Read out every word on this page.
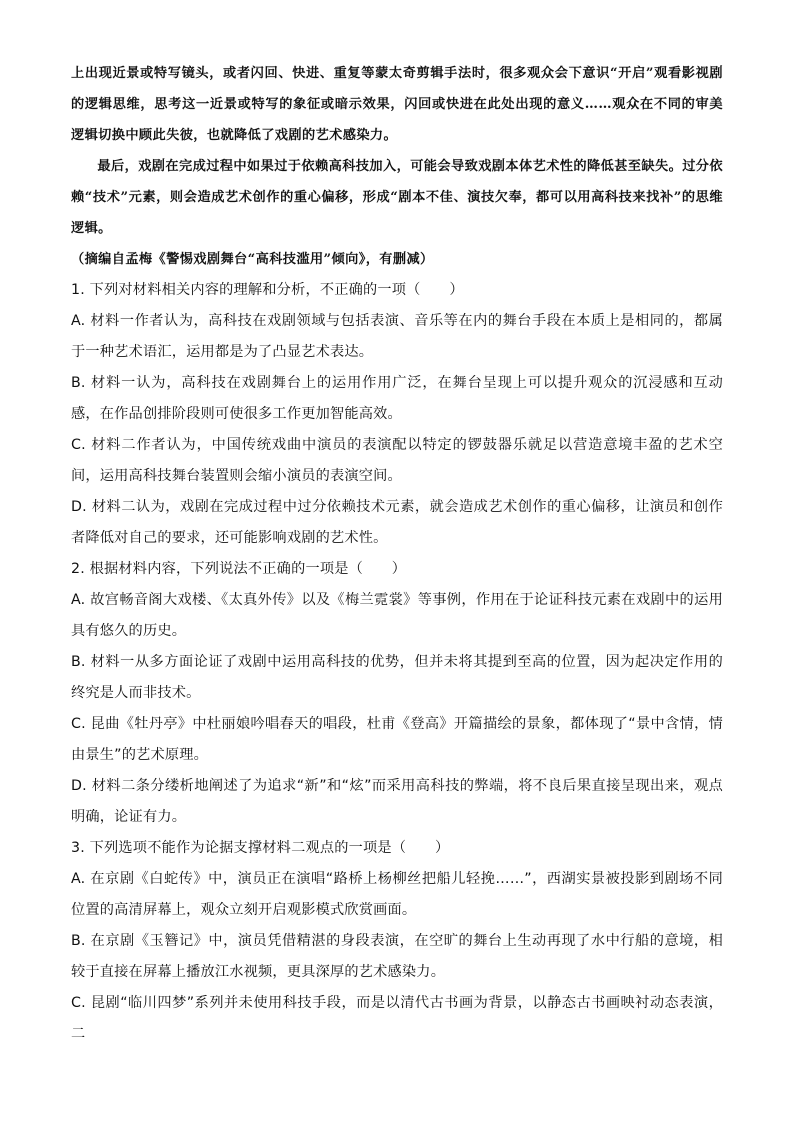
上出现近景或特写镜头，或者闪回、快进、重复等蒙太奇剪辑手法时，很多观众会下意识“开启”观看影视剧的逻辑思维，思考这一近景或特写的象征或暗示效果，闪回或快进在此处出现的意义……观众在不同的审美逻辑切换中顾此失彼，也就降低了戏剧的艺术感染力。

最后，戏剧在完成过程中如果过于依赖高科技加入，可能会导致戏剧本体艺术性的降低甚至缺失。过分依赖“技术”元素，则会造成艺术创作的重心偏移，形成“剧本不佳、演技欠奉，都可以用高科技来找补”的思维逻辑。

（摘编自孟梅《警惕戏剧舞台“高科技滥用”倾向》，有删减）

1. 下列对材料相关内容的理解和分析，不正确的一项（　　）

A. 材料一作者认为，高科技在戏剧领域与包括表演、音乐等在内的舞台手段在本质上是相同的，都属于一种艺术语汇，运用都是为了凸显艺术表达。

B. 材料一认为，高科技在戏剧舞台上的运用作用广泛，在舞台呈现上可以提升观众的沉浸感和互动感，在作品创排阶段则可使很多工作更加智能高效。

C. 材料二作者认为，中国传统戏曲中演员的表演配以特定的锣鼓器乐就足以营造意境丰盈的艺术空间，运用高科技舞台装置则会缩小演员的表演空间。

D. 材料二认为，戏剧在完成过程中过分依赖技术元素，就会造成艺术创作的重心偏移，让演员和创作者降低对自己的要求，还可能影响戏剧的艺术性。

2. 根据材料内容，下列说法不正确的一项是（　　）

A. 故宫畅音阁大戏楼、《太真外传》以及《梅兰霓裳》等事例，作用在于论证科技元素在戏剧中的运用具有悠久的历史。

B. 材料一从多方面论证了戏剧中运用高科技的优势，但并未将其提到至高的位置，因为起决定作用的终究是人而非技术。

C. 昆曲《牡丹亭》中杜丽娘吟唱春天的唱段，杜甫《登高》开篇描绘的景象，都体现了“景中含情，情由景生”的艺术原理。

D. 材料二条分缕析地阐述了为追求“新”和“炫”而采用高科技的弊端，将不良后果直接呈现出来，观点明确，论证有力。

3. 下列选项不能作为论据支撑材料二观点的一项是（　　）

A. 在京剧《白蛇传》中，演员正在演唱“路桥上杨柳丝把船儿轻挽……”，西湖实景被投影到剧场不同位置的高清屏幕上，观众立刻开启观影模式欣赏画面。

B. 在京剧《玉簪记》中，演员凭借精湛的身段表演，在空旷的舞台上生动再现了水中行船的意境，相较于直接在屏幕上播放江水视频，更具深厚的艺术感染力。

C. 昆剧“临川四梦”系列并未使用科技手段，而是以清代古书画为背景，以静态古书画映衬动态表演，二
